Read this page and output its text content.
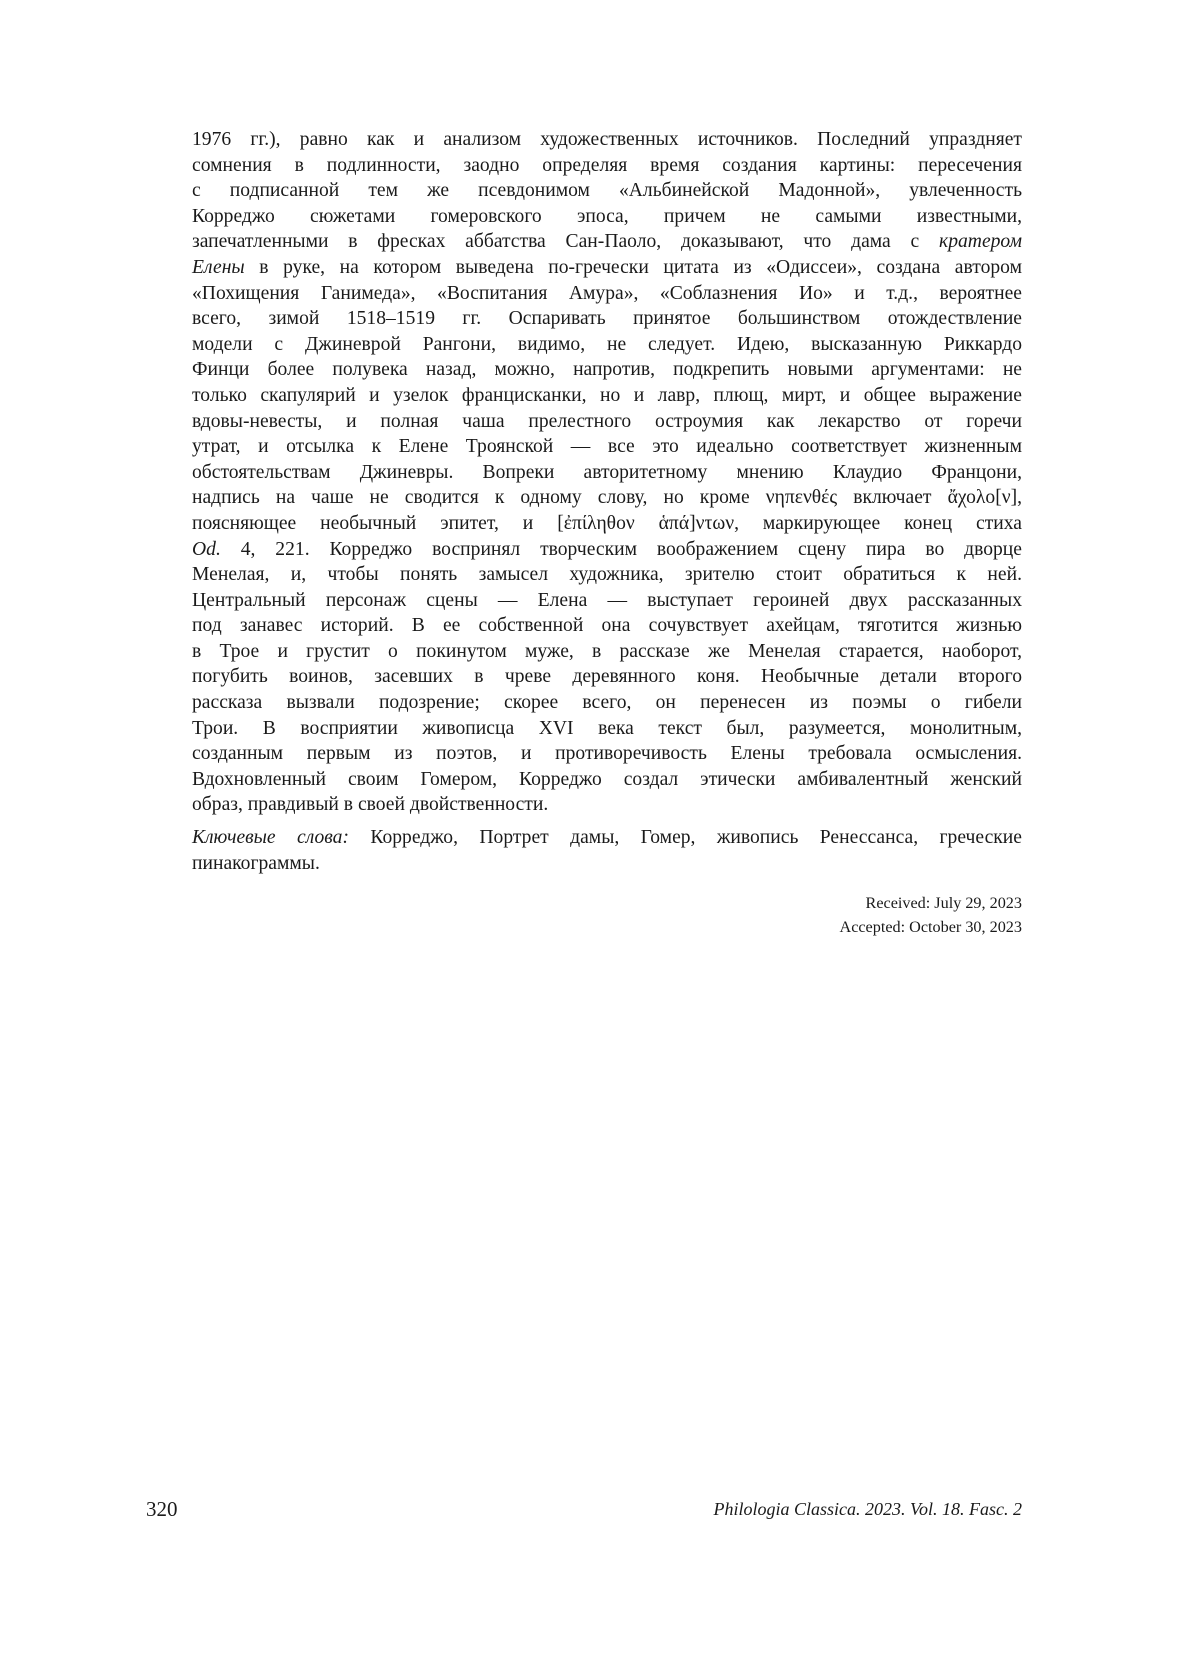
1976 гг.), равно как и анализом художественных источников. Последний упраздняет
сомнения в подлинности, заодно определяя время создания картины: пересечения
с подписанной тем же псевдонимом «Альбинейской Мадонной», увлеченность
Корреджо сюжетами гомеровского эпоса, причем не самыми известными,
запечатленными в фресках аббатства Сан-Паоло, доказывают, что дама с кратером
Елены в руке, на котором выведена по-гречески цитата из «Одиссеи», создана автором
«Похищения Ганимеда», «Воспитания Амура», «Соблазнения Ио» и т.д., вероятнее
всего, зимой 1518–1519 гг. Оспаривать принятое большинством отождествление
модели с Джиневрой Рангони, видимо, не следует. Идею, высказанную Риккардо
Финци более полувека назад, можно, напротив, подкрепить новыми аргументами: не
только скапулярий и узелок францисканки, но и лавр, плющ, мирт, и общее выражение
вдовы-невесты, и полная чаша прелестного остроумия как лекарство от горечи
утрат, и отсылка к Елене Троянской — все это идеально соответствует жизненным
обстоятельствам Джиневры. Вопреки авторитетному мнению Клаудио Францони,
надпись на чаше не сводится к одному слову, но кроме νηπενθές включает ἄχολο[ν],
поясняющее необычный эпитет, и [ἐπίληθον ἁπά]ντων, маркирующее конец стиха
Od. 4, 221. Корреджо воспринял творческим воображением сцену пира во дворце
Менелая, и, чтобы понять замысел художника, зрителю стоит обратиться к ней.
Центральный персонаж сцены — Елена — выступает героиней двух рассказанных
под занавес историй. В ее собственной она сочувствует ахейцам, тяготится жизнью
в Трое и грустит о покинутом муже, в рассказе же Менелая старается, наоборот,
погубить воинов, засевших в чреве деревянного коня. Необычные детали второго
рассказа вызвали подозрение; скорее всего, он перенесен из поэмы о гибели
Трои. В восприятии живописца XVI века текст был, разумеется, монолитным,
созданным первым из поэтов, и противоречивость Елены требовала осмысления.
Вдохновленный своим Гомером, Корреджо создал этически амбивалентный женский
образ, правдивый в своей двойственности.
Ключевые слова: Корреджо, Портрет дамы, Гомер, живопись Ренессанса, греческие
пинакограммы.
Received: July 29, 2023
Accepted: October 30, 2023
320	Philologia Classica. 2023. Vol. 18. Fasc. 2
